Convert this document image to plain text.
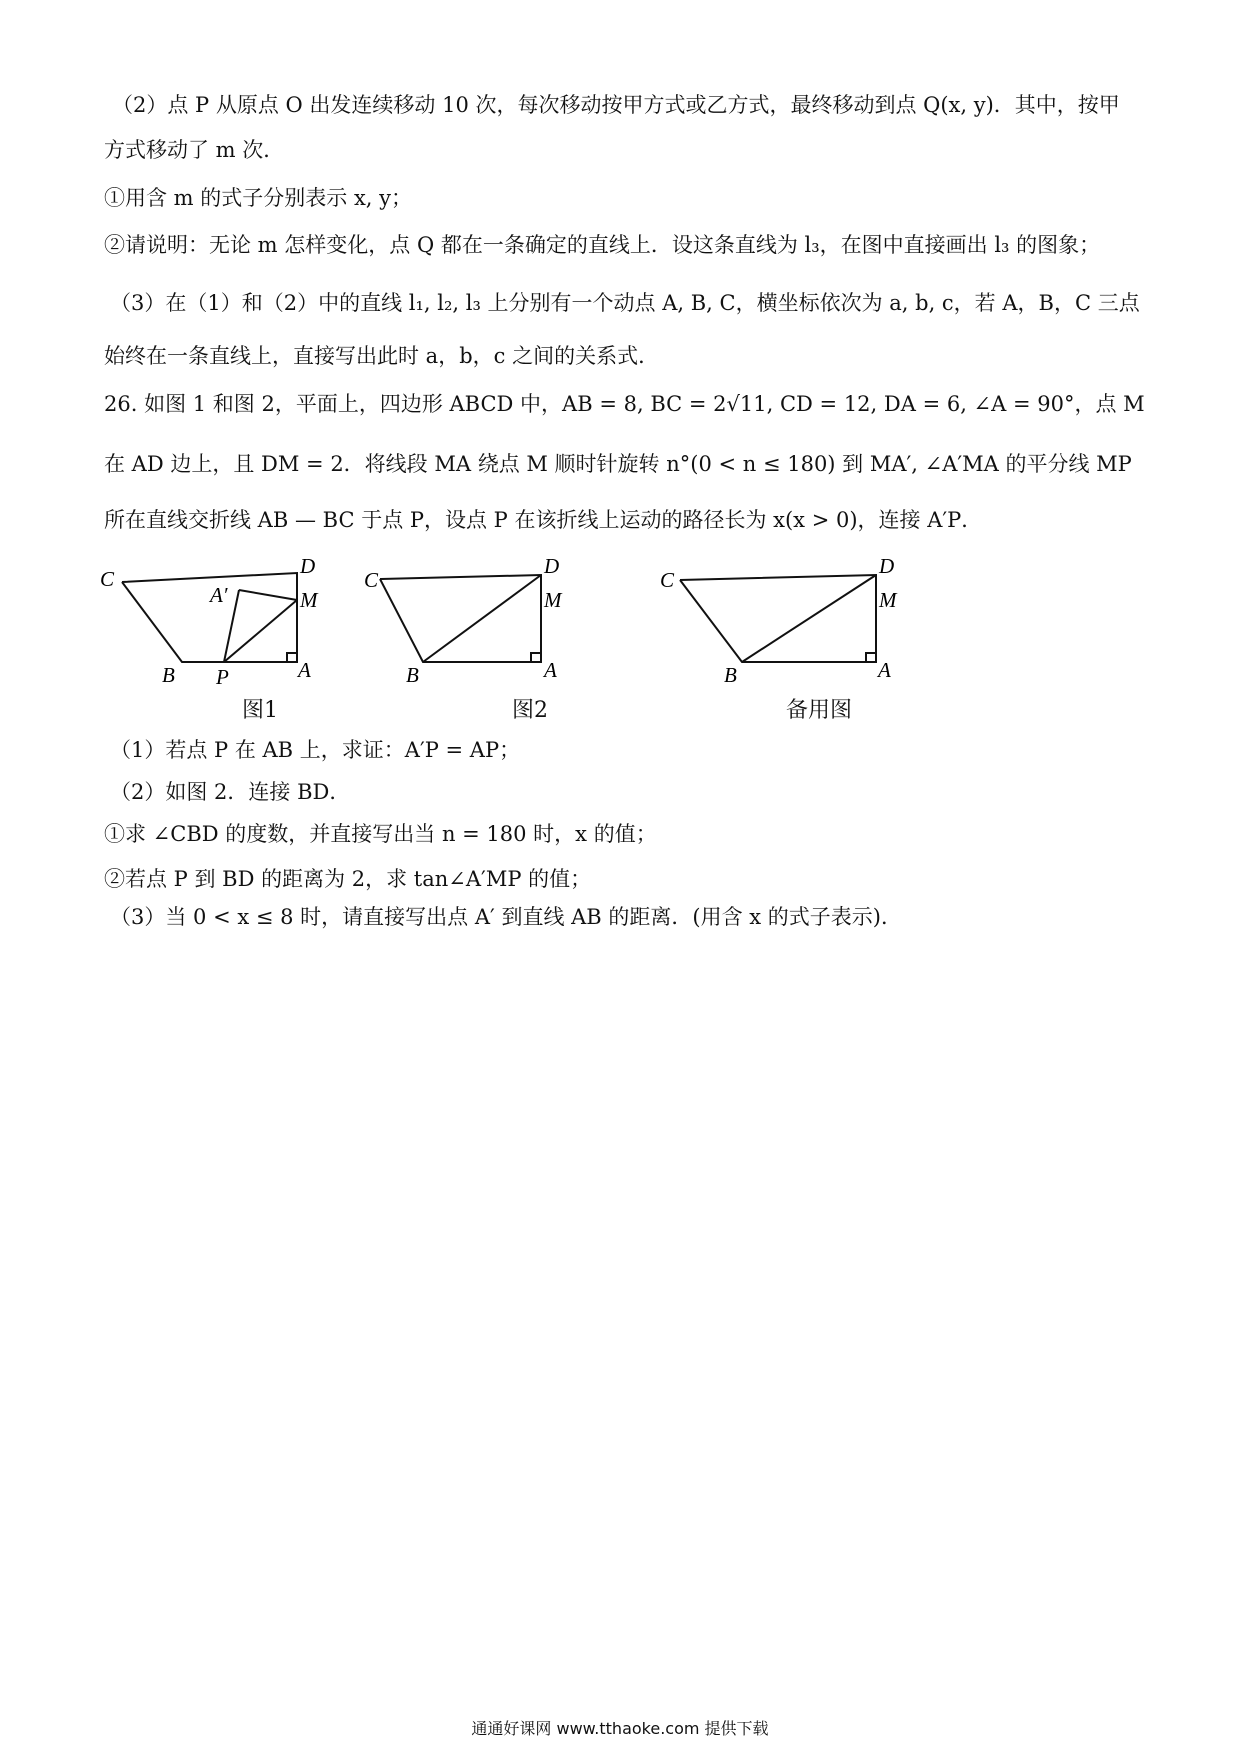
（2）点 P 从原点 O 出发连续移动 10 次，每次移动按甲方式或乙方式，最终移动到点 Q(x, y)．其中，按甲
方式移动了 m 次．
①用含 m 的式子分别表示 x, y；
②请说明：无论 m 怎样变化，点 Q 都在一条确定的直线上．设这条直线为 l₃，在图中直接画出 l₃ 的图象；
（3）在（1）和（2）中的直线 l₁, l₂, l₃ 上分别有一个动点 A, B, C，横坐标依次为 a, b, c，若 A，B，C 三点
始终在一条直线上，直接写出此时 a，b，c 之间的关系式．
26. 如图 1 和图 2，平面上，四边形 ABCD 中，AB = 8, BC = 2√11, CD = 12, DA = 6, ∠A = 90°，点 M
在 AD 边上，且 DM = 2．将线段 MA 绕点 M 顺时针旋转 n°(0 < n ≤ 180) 到 MA′, ∠A′MA 的平分线 MP
所在直线交折线 AB — BC 于点 P，设点 P 在该折线上运动的路径长为 x(x > 0)，连接 A′P．
C
D
A′	M
B P	A
图1
C
D
M
B	A
图2
C
D
M
B	A
备用图
（1）若点 P 在 AB 上，求证：A′P = AP；
（2）如图 2．连接 BD．
①求 ∠CBD 的度数，并直接写出当 n = 180 时，x 的值；
②若点 P 到 BD 的距离为 2，求 tan∠A′MP 的值；
（3）当 0 < x ≤ 8 时，请直接写出点 A′ 到直线 AB 的距离．(用含 x 的式子表示)．
通通好课网 www.tthaoke.com 提供下载
